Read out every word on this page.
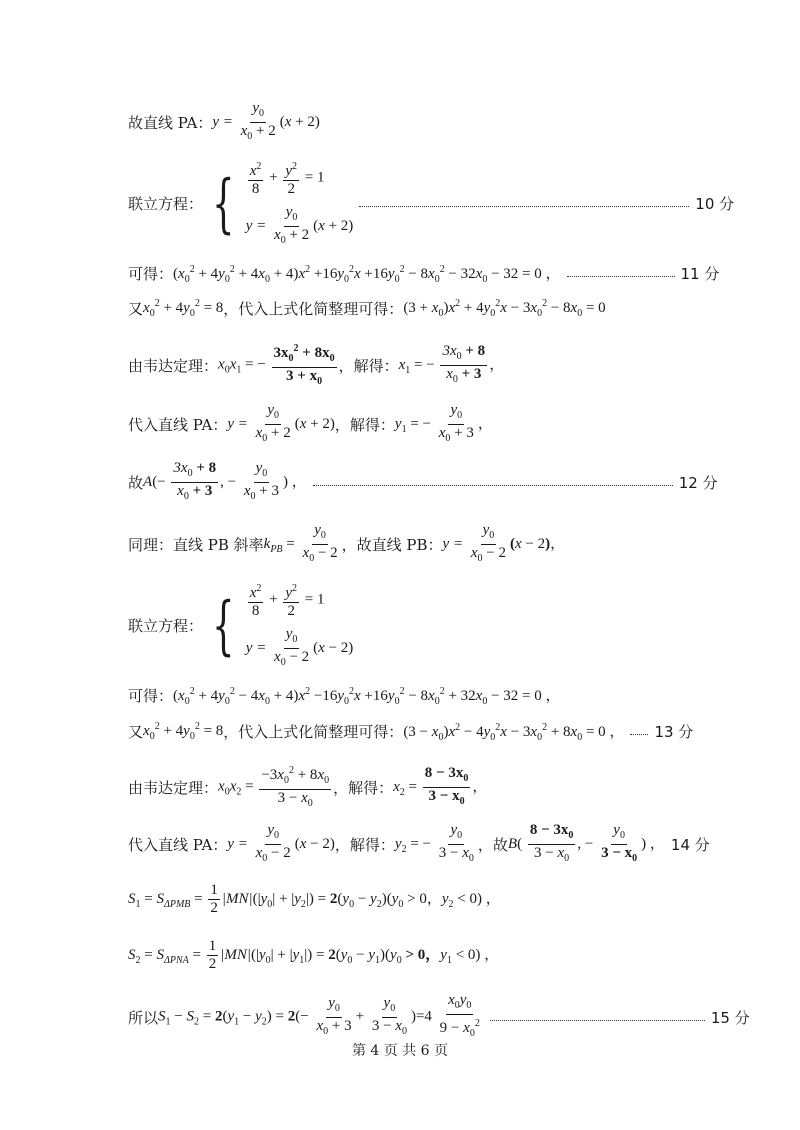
故直线 PA： $y = \frac{y_0}{x_0 + 2} (x + 2)$
联立方程： { $\frac{x^2}{8} + \frac{y^2}{2} = 1$
$y = \frac{y_0}{x_0 + 2} (x + 2)$
10 分
可得： $(x_0^2 + 4y_0^2 + 4x_0 + 4)x^2 +16y_0^2x +16y_0^2 - 8x_0^2 - 32x_0 - 32 = 0$ ，	11 分
又 $x_0^2 + 4y_0^2 = 8$ ，代入上式化简整理可得： $(3 + x_0)x^2 + 4y_0^2x - 3x_0^2 - 8x_0 = 0$
由韦达定理： $x_0x_1$ = − $\frac{3x_0^2 + 8x_0}{3 + x_0}$ ，解得： $x_1$ = − $\frac{3x_0 + 8}{x_0 + 3}$ ，
代入直线 PA： $y = \frac{y_0}{x_0 + 2} (x + 2)$ ，解得： $y_1$ = − $\frac{y_0}{x_0 + 3}$ ，
故 $A(- \frac{3x_0 + 8}{x_0 + 3}$ , − $\frac{y_0}{x_0 + 3}$ ) ，	12 分
同理：直线 PB 斜率 $k_{PB} = \frac{y_0}{x_0 - 2}$ ，故直线 PB： $y = \frac{y_0}{x_0 - 2} (x - 2)$，
联立方程： { $\frac{x^2}{8} + \frac{y^2}{2} = 1$
$y = \frac{y_0}{x_0 - 2} (x - 2)$
可得： $(x_0^2 + 4y_0^2 - 4x_0 + 4)x^2 -16y_0^2x +16y_0^2 - 8x_0^2 + 32x_0 - 32 = 0$ ，
又 $x_0^2 + 4y_0^2 = 8$ ，代入上式化简整理可得： $(3 - x_0)x^2 - 4y_0^2x - 3x_0^2 + 8x_0 = 0$ ， 13 分
由韦达定理： $x_0x_2 = \frac{-3x_0^2 + 8x_0}{3 - x_0}$ ，解得： $x_2 = \frac{8 - 3x_0}{3 - x_0}$ ，
代入直线 PA： $y = \frac{y_0}{x_0 - 2} (x - 2)$ ，解得： $y_2$ = − $\frac{y_0}{3 - x_0}$ ，故 $B( \frac{8 - 3x_0}{3 - x_0}$ , − $\frac{y_0}{3 - x_0}$ ) ， 14 分
$S_1 = S_{\Delta PMB} = \frac{1}{2} |MN|(|y_0| + |y_2|) = 2(y_0 - y_2)(y_0 > 0$，$y_2 < 0$) ，
$S_2 = S_{\Delta PNA} = \frac{1}{2} |MN|(|y_0| + |y_1|) = 2(y_0 - y_1)(y_0 > 0$，$y_1 < 0$) ，
所以 $S_1 - S_2 = 2(y_1 - y_2) = 2(- \frac{y_0}{x_0 + 3} + \frac{y_0}{3 - x_0} )=4 \frac{x_0y_0}{9 - x_0^2}$	15 分
第 4 页 共 6 页
